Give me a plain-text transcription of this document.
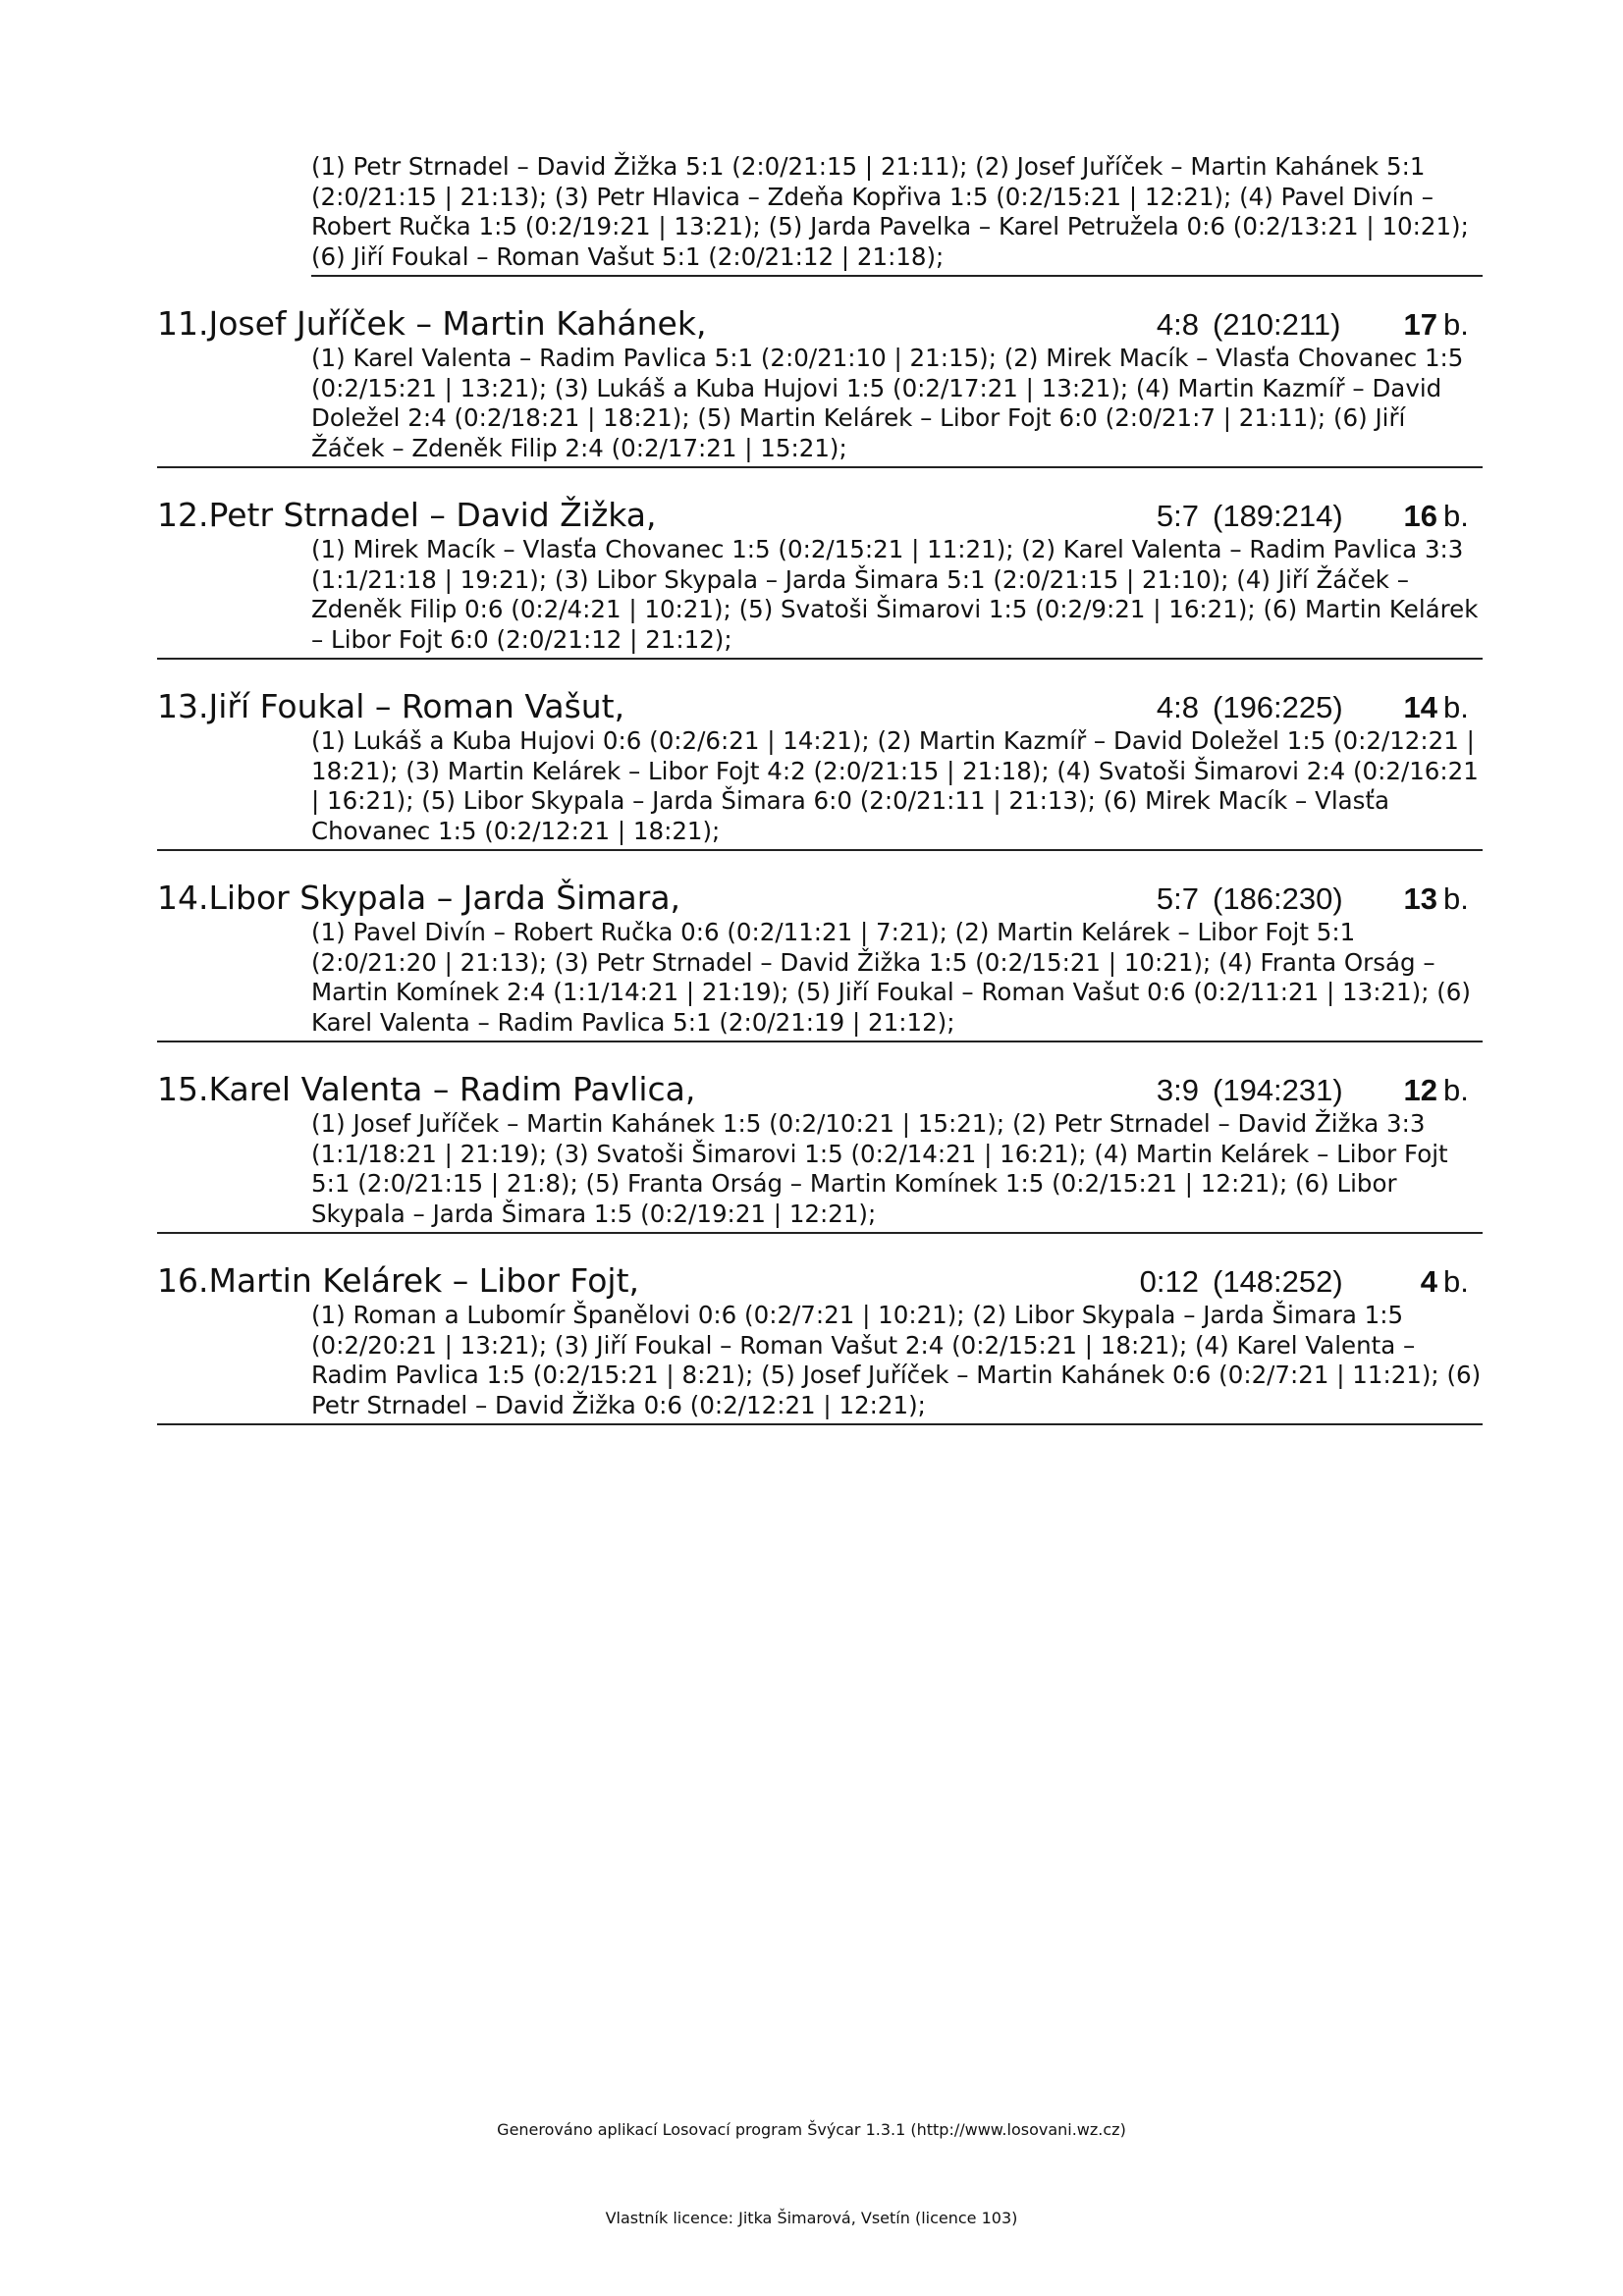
(1) Petr Strnadel – David Žižka 5:1 (2:0/21:15 | 21:11); (2) Josef Juříček – Martin Kahánek 5:1 (2:0/21:15 | 21:13); (3) Petr Hlavica – Zdeňa Kopřiva 1:5 (0:2/15:21 | 12:21); (4) Pavel Divín – Robert Ručka 1:5 (0:2/19:21 | 13:21); (5) Jarda Pavelka – Karel Petružela 0:6 (0:2/13:21 | 10:21); (6) Jiří Foukal – Roman Vašut 5:1 (2:0/21:12 | 21:18);
11. Josef Juříček – Martin Kahánek,	4:8 (210:211)	17 b.
(1) Karel Valenta – Radim Pavlica 5:1 (2:0/21:10 | 21:15); (2) Mirek Macík – Vlasťa Chovanec 1:5 (0:2/15:21 | 13:21); (3) Lukáš a Kuba Hujovi 1:5 (0:2/17:21 | 13:21); (4) Martin Kazmíř – David Doležel 2:4 (0:2/18:21 | 18:21); (5) Martin Kelárek – Libor Fojt 6:0 (2:0/21:7 | 21:11); (6) Jiří Žáček – Zdeněk Filip 2:4 (0:2/17:21 | 15:21);
12. Petr Strnadel – David Žižka,	5:7 (189:214)	16 b.
(1) Mirek Macík – Vlasťa Chovanec 1:5 (0:2/15:21 | 11:21); (2) Karel Valenta – Radim Pavlica 3:3 (1:1/21:18 | 19:21); (3) Libor Skypala – Jarda Šimara 5:1 (2:0/21:15 | 21:10); (4) Jiří Žáček – Zdeněk Filip 0:6 (0:2/4:21 | 10:21); (5) Svatoši Šimarovi 1:5 (0:2/9:21 | 16:21); (6) Martin Kelárek – Libor Fojt 6:0 (2:0/21:12 | 21:12);
13. Jiří Foukal – Roman Vašut,	4:8 (196:225)	14 b.
(1) Lukáš a Kuba Hujovi 0:6 (0:2/6:21 | 14:21); (2) Martin Kazmíř – David Doležel 1:5 (0:2/12:21 | 18:21); (3) Martin Kelárek – Libor Fojt 4:2 (2:0/21:15 | 21:18); (4) Svatoši Šimarovi 2:4 (0:2/16:21 | 16:21); (5) Libor Skypala – Jarda Šimara 6:0 (2:0/21:11 | 21:13); (6) Mirek Macík – Vlasťa Chovanec 1:5 (0:2/12:21 | 18:21);
14. Libor Skypala – Jarda Šimara,	5:7 (186:230)	13 b.
(1) Pavel Divín – Robert Ručka 0:6 (0:2/11:21 | 7:21); (2) Martin Kelárek – Libor Fojt 5:1 (2:0/21:20 | 21:13); (3) Petr Strnadel – David Žižka 1:5 (0:2/15:21 | 10:21); (4) Franta Orság – Martin Komínek 2:4 (1:1/14:21 | 21:19); (5) Jiří Foukal – Roman Vašut 0:6 (0:2/11:21 | 13:21); (6) Karel Valenta – Radim Pavlica 5:1 (2:0/21:19 | 21:12);
15. Karel Valenta – Radim Pavlica,	3:9 (194:231)	12 b.
(1) Josef Juříček – Martin Kahánek 1:5 (0:2/10:21 | 15:21); (2) Petr Strnadel – David Žižka 3:3 (1:1/18:21 | 21:19); (3) Svatoši Šimarovi 1:5 (0:2/14:21 | 16:21); (4) Martin Kelárek – Libor Fojt 5:1 (2:0/21:15 | 21:8); (5) Franta Orság – Martin Komínek 1:5 (0:2/15:21 | 12:21); (6) Libor Skypala – Jarda Šimara 1:5 (0:2/19:21 | 12:21);
16. Martin Kelárek – Libor Fojt,	0:12 (148:252)	4 b.
(1) Roman a Lubomír Španělovi 0:6 (0:2/7:21 | 10:21); (2) Libor Skypala – Jarda Šimara 1:5 (0:2/20:21 | 13:21); (3) Jiří Foukal – Roman Vašut 2:4 (0:2/15:21 | 18:21); (4) Karel Valenta – Radim Pavlica 1:5 (0:2/15:21 | 8:21); (5) Josef Juříček – Martin Kahánek 0:6 (0:2/7:21 | 11:21); (6) Petr Strnadel – David Žižka 0:6 (0:2/12:21 | 12:21);
Generováno aplikací Losovací program Švýcar 1.3.1 (http://www.losovani.wz.cz)
Vlastník licence: Jitka Šimarová, Vsetín (licence 103)
